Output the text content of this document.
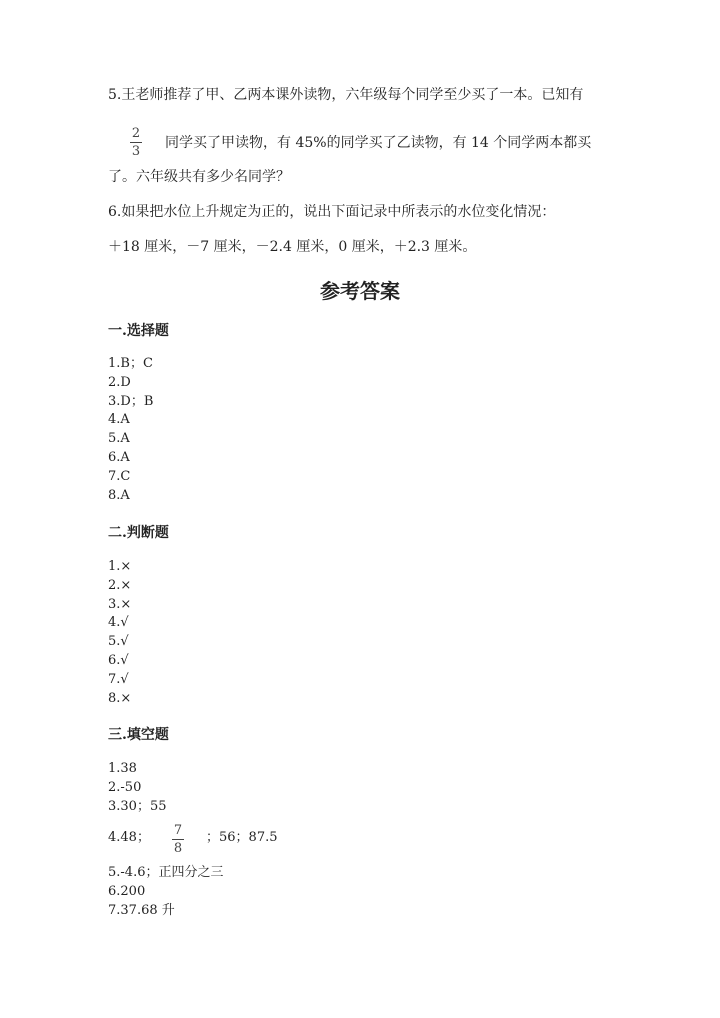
5.王老师推荐了甲、乙两本课外读物，六年级每个同学至少买了一本。已知有
2
3
同学买了甲读物，有 45%的同学买了乙读物，有 14 个同学两本都买
了。六年级共有多少名同学？
6.如果把水位上升规定为正的，说出下面记录中所表示的水位变化情况：
＋18 厘米，－7 厘米，－2.4 厘米，0 厘米，＋2.3 厘米。
参考答案
一.选择题
1.B；C
2.D
3.D；B
4.A
5.A
6.A
7.C
8.A
二.判断题
1.×
2.×
3.×
4.√
5.√
6.√
7.√
8.×
三.填空题
1.38
2.-50
3.30；55
4.48； 7
8
；56；87.5
5.-4.6；正四分之三
6.200
7.37.68 升
